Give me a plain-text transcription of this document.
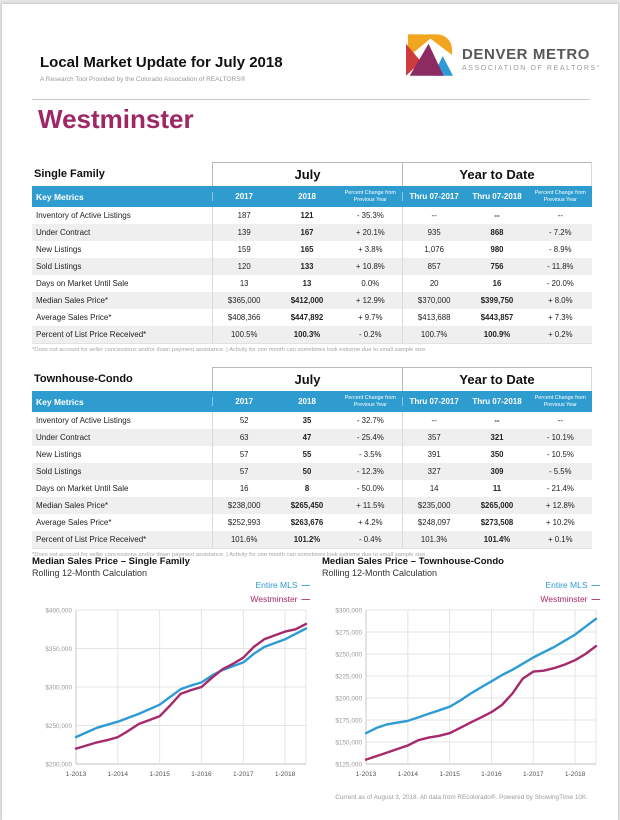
Local Market Update for July 2018
A Research Tool Provided by the Colorado Association of REALTORS®
DENVER METRO
ASSOCIATION OF REALTORS°
Westminster
Single Family	July	Year to Date
Key Metrics	2017	2018	Percent Change from Previous Year	Thru 07-2017	Thru 07-2018	Percent Change from Previous Year
Inventory of Active Listings	187	121	- 35.3%	--	--	--
Under Contract	139	167	+ 20.1%	935	868	- 7.2%
New Listings	159	165	+ 3.8%	1,076	980	- 8.9%
Sold Listings	120	133	+ 10.8%	857	756	- 11.8%
Days on Market Until Sale	13	13	0.0%	20	16	- 20.0%
Median Sales Price*	$365,000	$412,000	+ 12.9%	$370,000	$399,750	+ 8.0%
Average Sales Price*	$408,366	$447,892	+ 9.7%	$413,688	$443,857	+ 7.3%
Percent of List Price Received*	100.5%	100.3%	- 0.2%	100.7%	100.9%	+ 0.2%
*Does not account for seller concessions and/or down payment assistance. | Activity for one month can sometimes look extreme due to small sample size.
Townhouse-Condo	July	Year to Date
Key Metrics	2017	2018	Percent Change from Previous Year	Thru 07-2017	Thru 07-2018	Percent Change from Previous Year
Inventory of Active Listings	52	35	- 32.7%	--	--	--
Under Contract	63	47	- 25.4%	357	321	- 10.1%
New Listings	57	55	- 3.5%	391	350	- 10.5%
Sold Listings	57	50	- 12.3%	327	309	- 5.5%
Days on Market Until Sale	16	8	- 50.0%	14	11	- 21.4%
Median Sales Price*	$238,000	$265,450	+ 11.5%	$235,000	$265,000	+ 12.8%
Average Sales Price*	$252,993	$263,676	+ 4.2%	$248,097	$273,508	+ 10.2%
Percent of List Price Received*	101.6%	101.2%	- 0.4%	101.3%	101.4%	+ 0.1%
*Does not account for seller concessions and/or down payment assistance. | Activity for one month can sometimes look extreme due to small sample size.
Median Sales Price – Single Family
Rolling 12-Month Calculation
Entire MLS —
Westminster —
$200,000
$250,000
$300,000
$350,000
$400,000
1-2013	1-2014	1-2015	1-2016	1-2017	1-2018
Median Sales Price – Townhouse-Condo
Rolling 12-Month Calculation
Entire MLS —
Westminster —
$125,000
$150,000
$175,000
$200,000
$225,000
$250,000
$275,000
$300,000
1-2013	1-2014	1-2015	1-2016	1-2017	1-2018
Current as of August 3, 2018. All data from REcolorado®. Powered by ShowingTime 10K.
